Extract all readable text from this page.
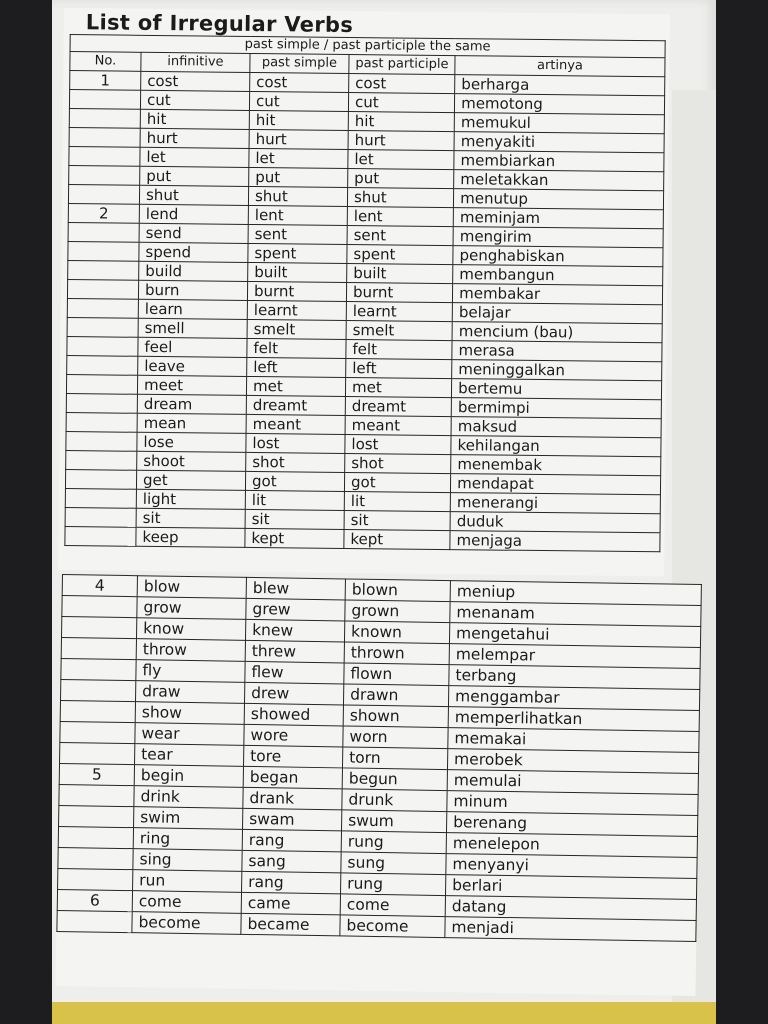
List of Irregular Verbs
past simple / past participle the same				
No.	infinitive	past simple	past participle	artinya
1	cost	cost	cost	berharga
	cut	cut	cut	memotong
	hit	hit	hit	memukul
	hurt	hurt	hurt	menyakiti
	let	let	let	membiarkan
	put	put	put	meletakkan
	shut	shut	shut	menutup
2	lend	lent	lent	meminjam
	send	sent	sent	mengirim
	spend	spent	spent	penghabiskan
	build	built	built	membangun
	burn	burnt	burnt	membakar
	learn	learnt	learnt	belajar
	smell	smelt	smelt	mencium (bau)
	feel	felt	felt	merasa
	leave	left	left	meninggalkan
	meet	met	met	bertemu
	dream	dreamt	dreamt	bermimpi
	mean	meant	meant	maksud
	lose	lost	lost	kehilangan
	shoot	shot	shot	menembak
	get	got	got	mendapat
	light	lit	lit	menerangi
	sit	sit	sit	duduk
	keep	kept	kept	menjaga
4	blow	blew	blown	meniup
	grow	grew	grown	menanam
	know	knew	known	mengetahui
	throw	threw	thrown	melempar
	fly	flew	flown	terbang
	draw	drew	drawn	menggambar
	show	showed	shown	memperlihatkan
	wear	wore	worn	memakai
	tear	tore	torn	merobek
5	begin	began	begun	memulai
	drink	drank	drunk	minum
	swim	swam	swum	berenang
	ring	rang	rung	menelepon
	sing	sang	sung	menyanyi
	run	rang	rung	berlari
6	come	came	come	datang
	become	became	become	menjadi
